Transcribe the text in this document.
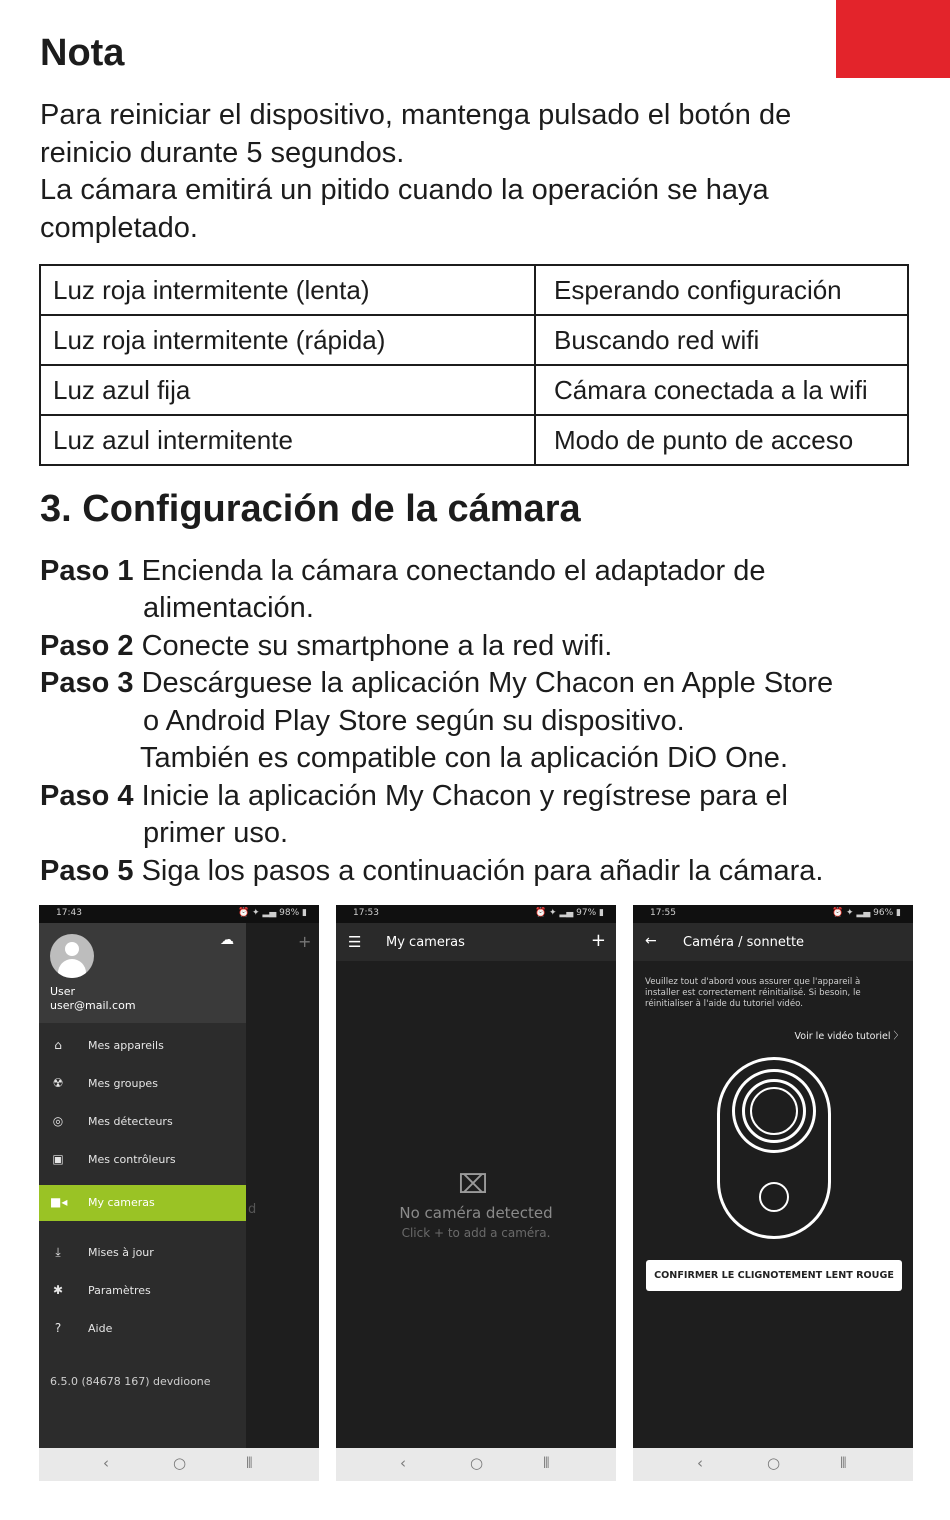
Nota

Para reiniciar el dispositivo, mantenga pulsado el botón de

reinicio durante 5 segundos.

La cámara emitirá un pitido cuando la operación se haya

completado.

Luz roja intermitente (lenta)	Esperando configuración
Luz roja intermitente (rápida)	Buscando red wifi
Luz azul fija	Cámara conectada a la wifi
Luz azul intermitente	Modo de punto de acceso
3. Configuración de la cámara

Paso 1 Encienda la cámara conectando el adaptador de

alimentación.

Paso 2 Conecte su smartphone a la red wifi.

Paso 3 Descárguese la aplicación My Chacon en Apple Store

o Android Play Store según su dispositivo.

También es compatible con la aplicación DiO One.

Paso 4 Inicie la aplicación My Chacon y regístrese para el

primer uso.

Paso 5 Siga los pasos a continuación para añadir la cámara.

17:43	⏰ ✦ ▂▄ 98% ▮
+
d
☁
User
user@mail.com
⌂	Mes appareils
☢ Mes groupes
◎ Mes détecteurs
▣ Mes contrôleurs
■◂ My cameras
⤓	Mises à jour
✱ Paramètres
?	Aide
6.5.0 (84678 167) devdioone
‹	○	⦀
17:53	⏰ ✦ ▂▄ 97% ▮
☰ My cameras	+
⌧
No caméra detected
Click + to add a caméra.
‹	○	⦀
17:55	⏰ ✦ ▂▄ 96% ▮
← Caméra / sonnette
Veuillez tout d'abord vous assurer que l'appareil à installer est correctement réinitialisé. Si besoin, le réinitialiser à l'aide du tutoriel vidéo.
Voir le vidéo tutoriel 〉
CONFIRMER LE CLIGNOTEMENT LENT ROUGE
‹	○	⦀
